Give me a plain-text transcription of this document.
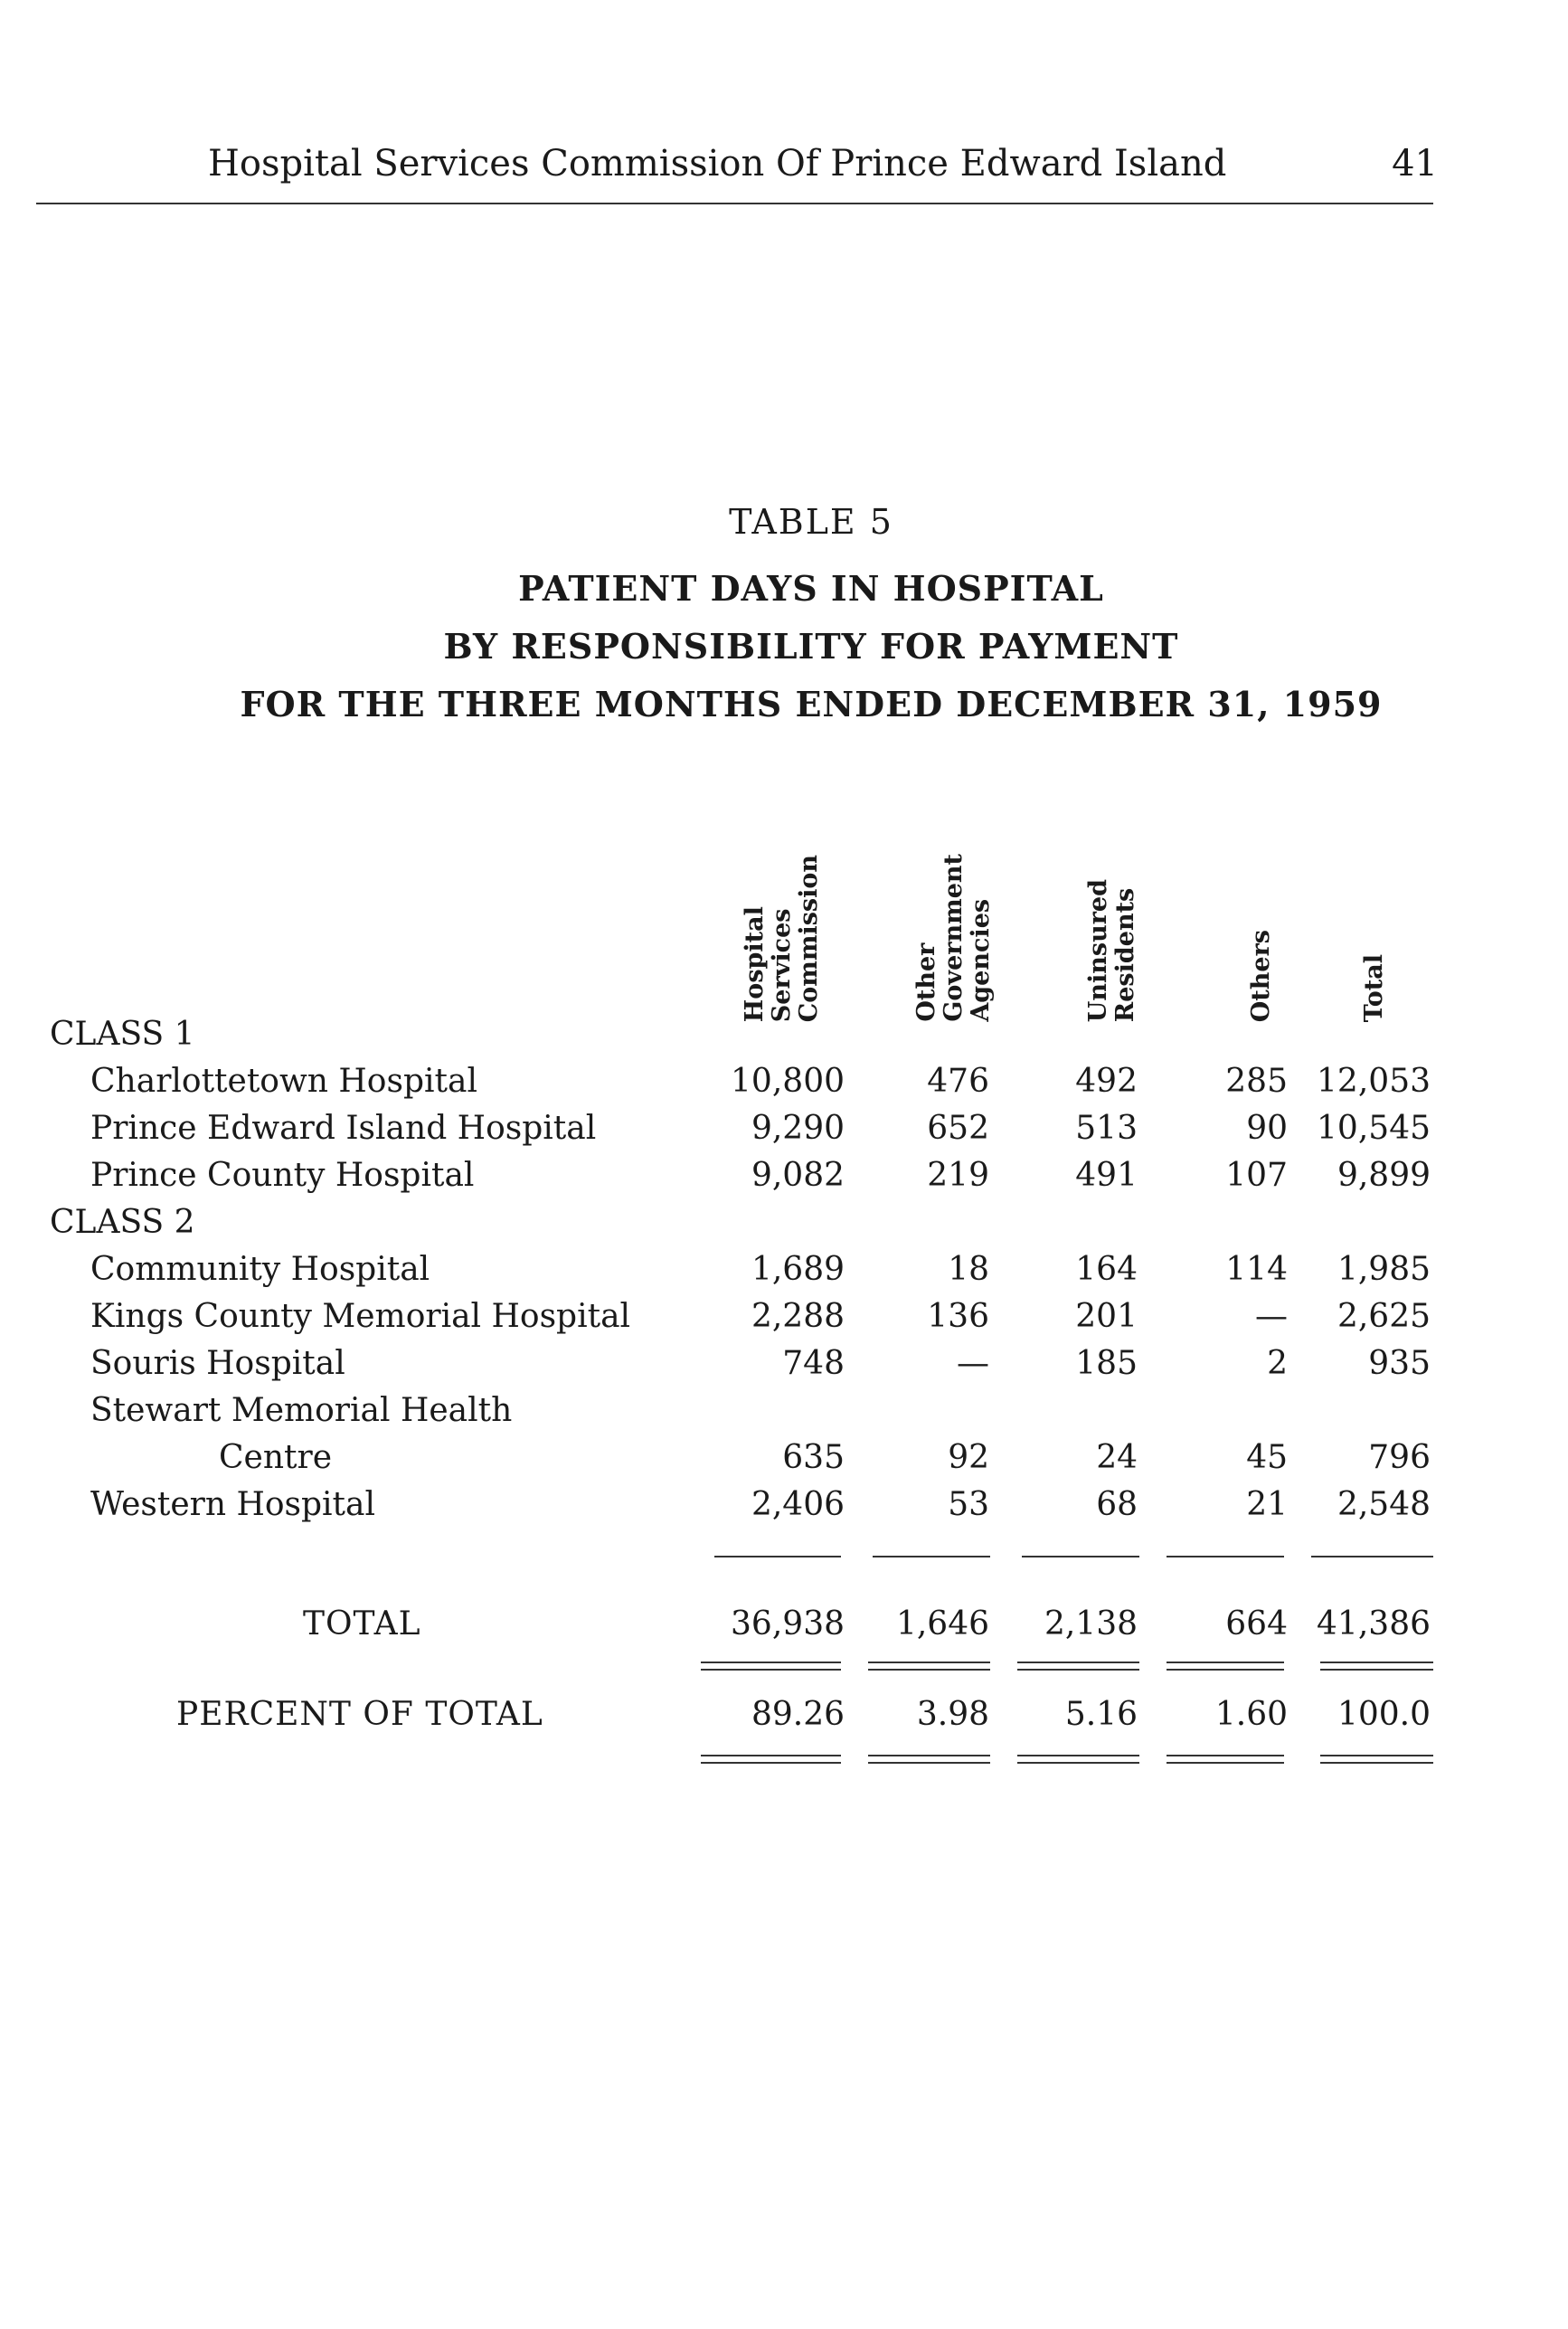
Hospital Services Commission Of Prince Edward Island	41
TABLE 5
PATIENT DAYS IN HOSPITAL
BY RESPONSIBILITY FOR PAYMENT
FOR THE THREE MONTHS ENDED DECEMBER 31, 1959
Hospital
Services
Commission	Other
Government
Agencies	Uninsured
Residents	Others	Total
CLASS 1
Charlottetown Hospital	10,800	476	492	285 12,053
Prince Edward Island Hospital	9,290	652	513	90 10,545
Prince County Hospital	9,082	219	491	107 9,899
CLASS 2
Community Hospital	1,689	18	164	114 1,985
Kings County Memorial Hospital	2,288	136	201	— 2,625
Souris Hospital	748	—	185	2 935
Stewart Memorial Health
Centre	635	92	24	45 796
Western Hospital	2,406	53	68	21 2,548
TOTAL	36,938 1,646 2,138	664 41,386
PERCENT OF TOTAL	89.26 3.98 5.16 1.60 100.0
